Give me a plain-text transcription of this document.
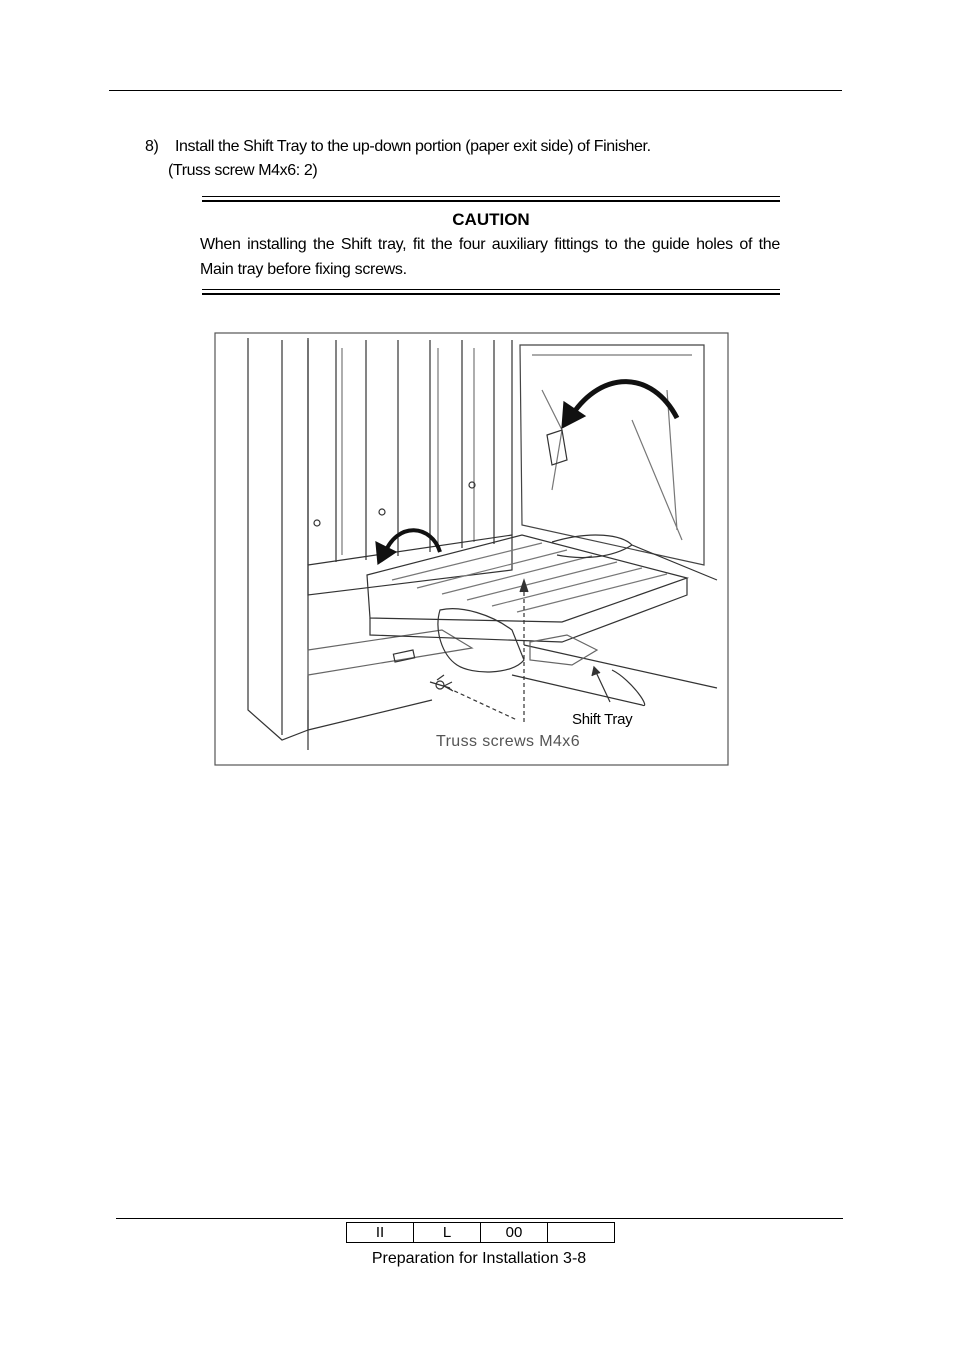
8) Install the Shift Tray to the up-down portion (paper exit side) of Finisher.
(Truss screw M4x6: 2)
CAUTION
When installing the Shift tray, fit the four auxiliary fittings to the guide holes of the Main tray before fixing screws.
Shift Tray
Truss screws M4x6
II	L	00	
Preparation for Installation 3-8
